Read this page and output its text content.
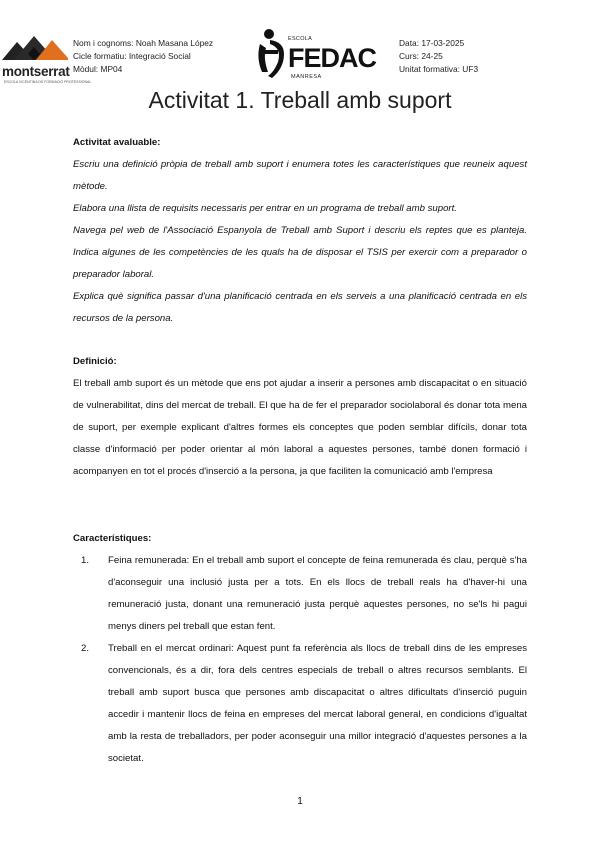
montserrat
ESCOLA VICENTINA DE FORMACIÓ PROFESSIONAL
Nom i cognoms: Noah Masana López
Cicle formatiu: Integració Social
Mòdul: MP04
ESCOLA
FEDAC
MANRESA
Data: 17-03-2025
Curs: 24-25
Unitat formativa: UF3
Activitat 1. Treball amb suport

Activitat avaluable:

Escriu una definició pròpia de treball amb suport i enumera totes les característiques que reuneix aquest mètode.

Elabora una llista de requisits necessaris per entrar en un programa de treball amb suport.

Navega pel web de l'Associació Espanyola de Treball amb Suport i descriu els reptes que es planteja. Indica algunes de les competències de les quals ha de disposar el TSIS per exercir com a preparador o preparador laboral.

Explica què significa passar d'una planificació centrada en els serveis a una planificació centrada en els recursos de la persona.

Definició:

El treball amb suport és un mètode que ens pot ajudar a inserir a persones amb discapacitat o en situació de vulnerabilitat, dins del mercat de treball. El que ha de fer el preparador sociolaboral és donar tota mena de suport, per exemple explicant d'altres formes els conceptes que poden semblar difícils, donar tota classe d'informació per poder orientar al món laboral a aquestes persones, també donen formació i acompanyen en tot el procés d'inserció a la persona, ja que faciliten la comunicació amb l'empresa

Característiques:

1. Feina remunerada: En el treball amb suport el concepte de feina remunerada és clau, perquè s'ha d'aconseguir una inclusió justa per a tots. En els llocs de treball reals ha d'haver-hi una remuneració justa, donant una remuneració justa perquè aquestes persones, no se'ls hi pagui menys diners pel treball que estan fent.
2. Treball en el mercat ordinari: Aquest punt fa referència als llocs de treball dins de les empreses convencionals, és a dir, fora dels centres especials de treball o altres recursos semblants. El treball amb suport busca que persones amb discapacitat o altres dificultats d'inserció puguin accedir i mantenir llocs de feina en empreses del mercat laboral general, en condicions d'igualtat amb la resta de treballadors, per poder aconseguir una millor integració d'aquestes persones a la societat.
1
